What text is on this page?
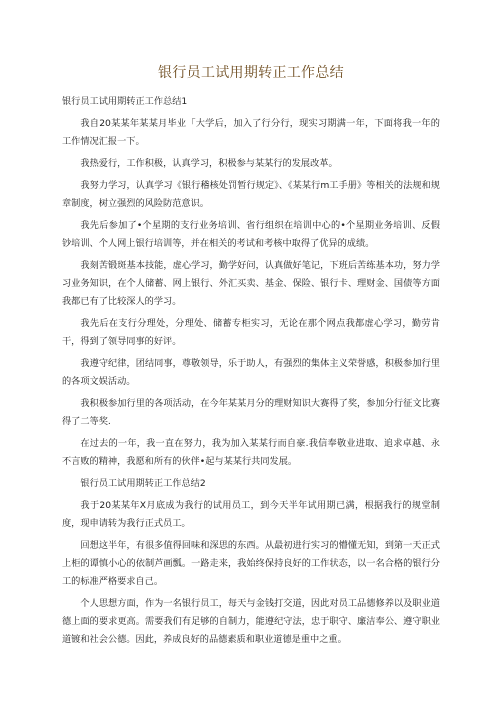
银行员工试用期转正工作总结

银行员工试用期转正工作总结1

我自20某某年某某月毕业「大学后，加入了行分行，现实习期满一年，下面将我一年的工作情况汇报一下。

我热爱行，工作积极，认真学习，积极参与某某行的发展改革。

我努力学习，认真学习《银行稽核处罚暂行规定》、《某某行m工手册》等相关的法规和规章制度，树立强烈的风险防范意识。

我先后参加了•个星期的支行业务培训、省行组织在培训中心的•个星期业务培训、反假钞培训、个人网上银行培训等，并在相关的考试和考核中取得了优异的成绩。

我刻苦锻斑基本技能，虚心学习，勤学好问，认真做好笔记，下班后苦练基本功，努力学习业务知识，在个人储蓄、网上银行、外汇买卖、基金、保险、银行卡、理财金、国债等方面我都已有了比较深人的学习。

我先后在支行分理处，分理处、储蓄专柜实习，无论在那个网点我都虚心学习，勤劳肯干，得到了领导同事的好评。

我遵守纪律，团结同事，尊敬领导，乐于助人，有强烈的集体主义荣誉感，积极参加行里的各项文娱活动。

我积极参加行里的各项活动，在今年某某月分的理财知识大赛得了奖，参加分行征文比赛得了二等奖.

在过去的一年，我一直在努力，我为加入某某行而自豪.我信奉敬业进取、追求卓越、永不言败的精神，我愿和所有的伙伴•起与某某行共同发展。

银行员工试用期转正工作总结2

我于20某某年X月底成为我行的试用员工，到今天半年试用期已满，根据我行的规堂制度，现申请转为我行正式员工。

回想这半年，有很多值得回味和深思的东西。从最初进行实习的懵懂无知，到第一天正式上柜的谭慎小心的依制芦画瓢。一路走来，我始终保持良好的工作状态，以一名合格的银行分工的标准严格要求自己。

个人思想方面，作为一名银行员工，每天与金钱打交道，因此对员工品德修养以及职业道德上面的要求更高。需要我们有足够的自制力，能遵纪守法，忠于职守、廉洁奉公、遵守职业道镀和社会公德。因此，养成良好的品德素质和职业道德是重中之重。
